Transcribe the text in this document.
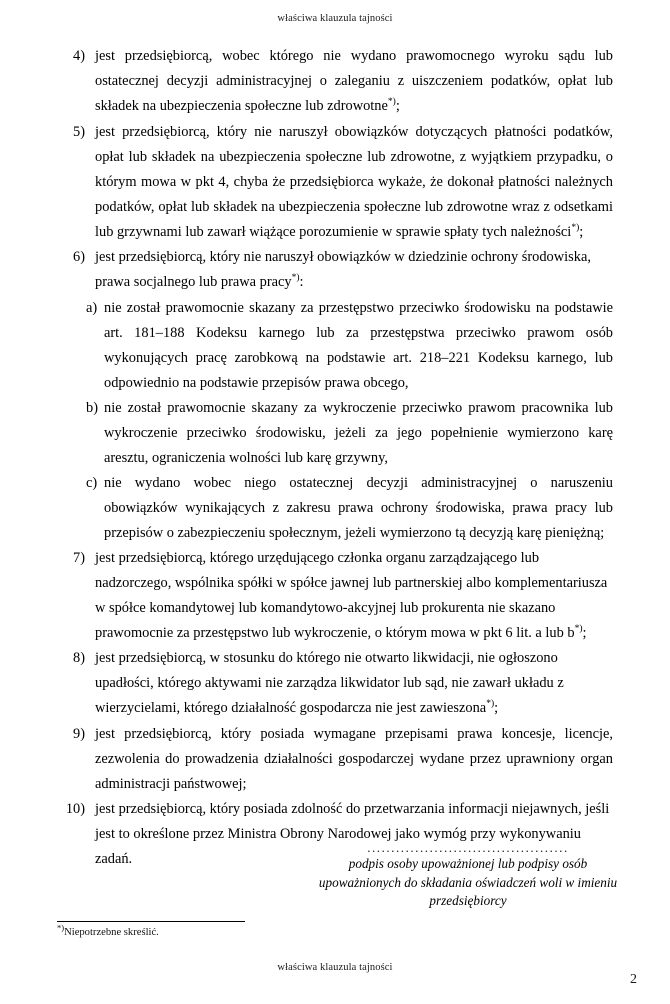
właściwa klauzula tajności
4) jest przedsiębiorcą, wobec którego nie wydano prawomocnego wyroku sądu lub ostatecznej decyzji administracyjnej o zaleganiu z uiszczeniem podatków, opłat lub składek na ubezpieczenia społeczne lub zdrowotne*);
5) jest przedsiębiorcą, który nie naruszył obowiązków dotyczących płatności podatków, opłat lub składek na ubezpieczenia społeczne lub zdrowotne, z wyjątkiem przypadku, o którym mowa w pkt 4, chyba że przedsiębiorca wykaże, że dokonał płatności należnych podatków, opłat lub składek na ubezpieczenia społeczne lub zdrowotne wraz z odsetkami lub grzywnami lub zawarł wiążące porozumienie w sprawie spłaty tych należności*);
6) jest przedsiębiorcą, który nie naruszył obowiązków w dziedzinie ochrony środowiska, prawa socjalnego lub prawa pracy*):
a) nie został prawomocnie skazany za przestępstwo przeciwko środowisku na podstawie art. 181–188 Kodeksu karnego lub za przestępstwa przeciwko prawom osób wykonujących pracę zarobkową na podstawie art. 218–221 Kodeksu karnego, lub odpowiednio na podstawie przepisów prawa obcego,
b) nie został prawomocnie skazany za wykroczenie przeciwko prawom pracownika lub wykroczenie przeciwko środowisku, jeżeli za jego popełnienie wymierzono karę aresztu, ograniczenia wolności lub karę grzywny,
c) nie wydano wobec niego ostatecznej decyzji administracyjnej o naruszeniu obowiązków wynikających z zakresu prawa ochrony środowiska, prawa pracy lub przepisów o zabezpieczeniu społecznym, jeżeli wymierzono tą decyzją karę pieniężną;
7) jest przedsiębiorcą, którego urzędującego członka organu zarządzającego lub nadzorczego, wspólnika spółki w spółce jawnej lub partnerskiej albo komplementariusza w spółce komandytowej lub komandytowo-akcyjnej lub prokurenta nie skazano prawomocnie za przestępstwo lub wykroczenie, o którym mowa w pkt 6 lit. a lub b*);
8) jest przedsiębiorcą, w stosunku do którego nie otwarto likwidacji, nie ogłoszono upadłości, którego aktywami nie zarządza likwidator lub sąd, nie zawarł układu z wierzycielami, którego działalność gospodarcza nie jest zawieszona*);
9) jest przedsiębiorcą, który posiada wymagane przepisami prawa koncesje, licencje, zezwolenia do prowadzenia działalności gospodarczej wydane przez uprawniony organ administracji państwowej;
10) jest przedsiębiorcą, który posiada zdolność do przetwarzania informacji niejawnych, jeśli jest to określone przez Ministra Obrony Narodowej jako wymóg przy wykonywaniu zadań.
..........................................
podpis osoby upoważnionej lub podpisy osób
upoważnionych do składania oświadczeń woli w imieniu
przedsiębiorcy
*)Niepotrzebne skreślić.
właściwa klauzula tajności
2
